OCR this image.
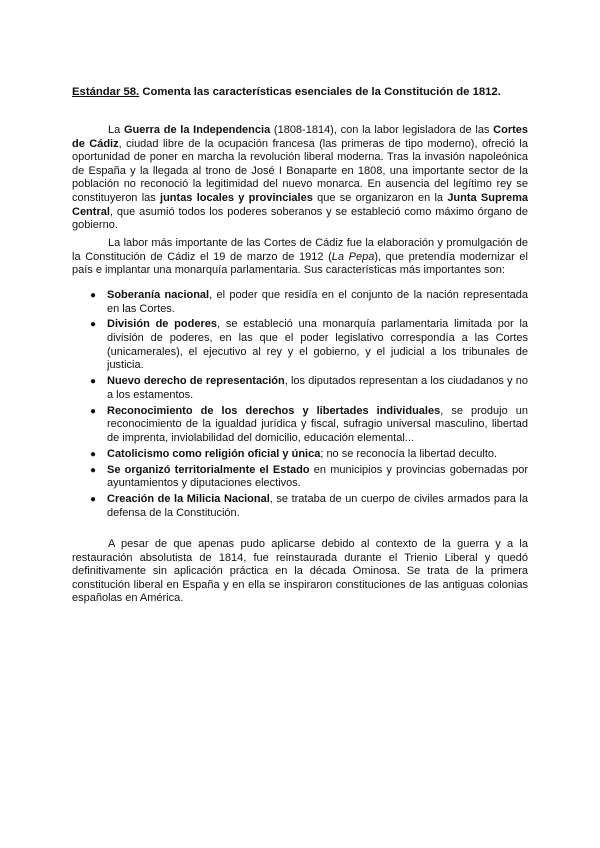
Estándar 58. Comenta las características esenciales de la Constitución de 1812.

La Guerra de la Independencia (1808-1814), con la labor legisladora de las Cortes de Cádiz, ciudad libre de la ocupación francesa (las primeras de tipo moderno), ofreció la oportunidad de poner en marcha la revolución liberal moderna. Tras la invasión napoleónica de España y la llegada al trono de José I Bonaparte en 1808, una importante sector de la población no reconoció la legitimidad del nuevo monarca. En ausencia del legítimo rey se constituyeron las juntas locales y provinciales que se organizaron en la Junta Suprema Central, que asumió todos los poderes soberanos y se estableció como máximo órgano de gobierno.

La labor más importante de las Cortes de Cádiz fue la elaboración y promulgación de la Constitución de Cádiz el 19 de marzo de 1912 (La Pepa), que pretendía modernizar el país e implantar una monarquía parlamentaria. Sus características más importantes son:

● Soberanía nacional, el poder que residía en el conjunto de la nación representada en las Cortes.
● División de poderes, se estableció una monarquía parlamentaria limitada por la división de poderes, en las que el poder legislativo correspondía a las Cortes (unicamerales), el ejecutivo al rey y el gobierno, y el judicial a los tribunales de justicia.
● Nuevo derecho de representación, los diputados representan a los ciudadanos y no a los estamentos.
● Reconocimiento de los derechos y libertades individuales, se produjo un reconocimiento de la igualdad jurídica y fiscal, sufragio universal masculino, libertad de imprenta, inviolabilidad del domicilio, educación elemental...
● Catolicismo como religión oficial y única; no se reconocía la libertad deculto.
● Se organizó territorialmente el Estado en municipios y provincias gobernadas por ayuntamientos y diputaciones electivos.
● Creación de la Milicia Nacional, se trataba de un cuerpo de civiles armados para la defensa de la Constitución.

A pesar de que apenas pudo aplicarse debido al contexto de la guerra y a la restauración absolutista de 1814, fue reinstaurada durante el Trienio Liberal y quedó definitivamente sin aplicación práctica en la década Ominosa. Se trata de la primera constitución liberal en España y en ella se inspiraron constituciones de las antiguas colonias españolas en América.
